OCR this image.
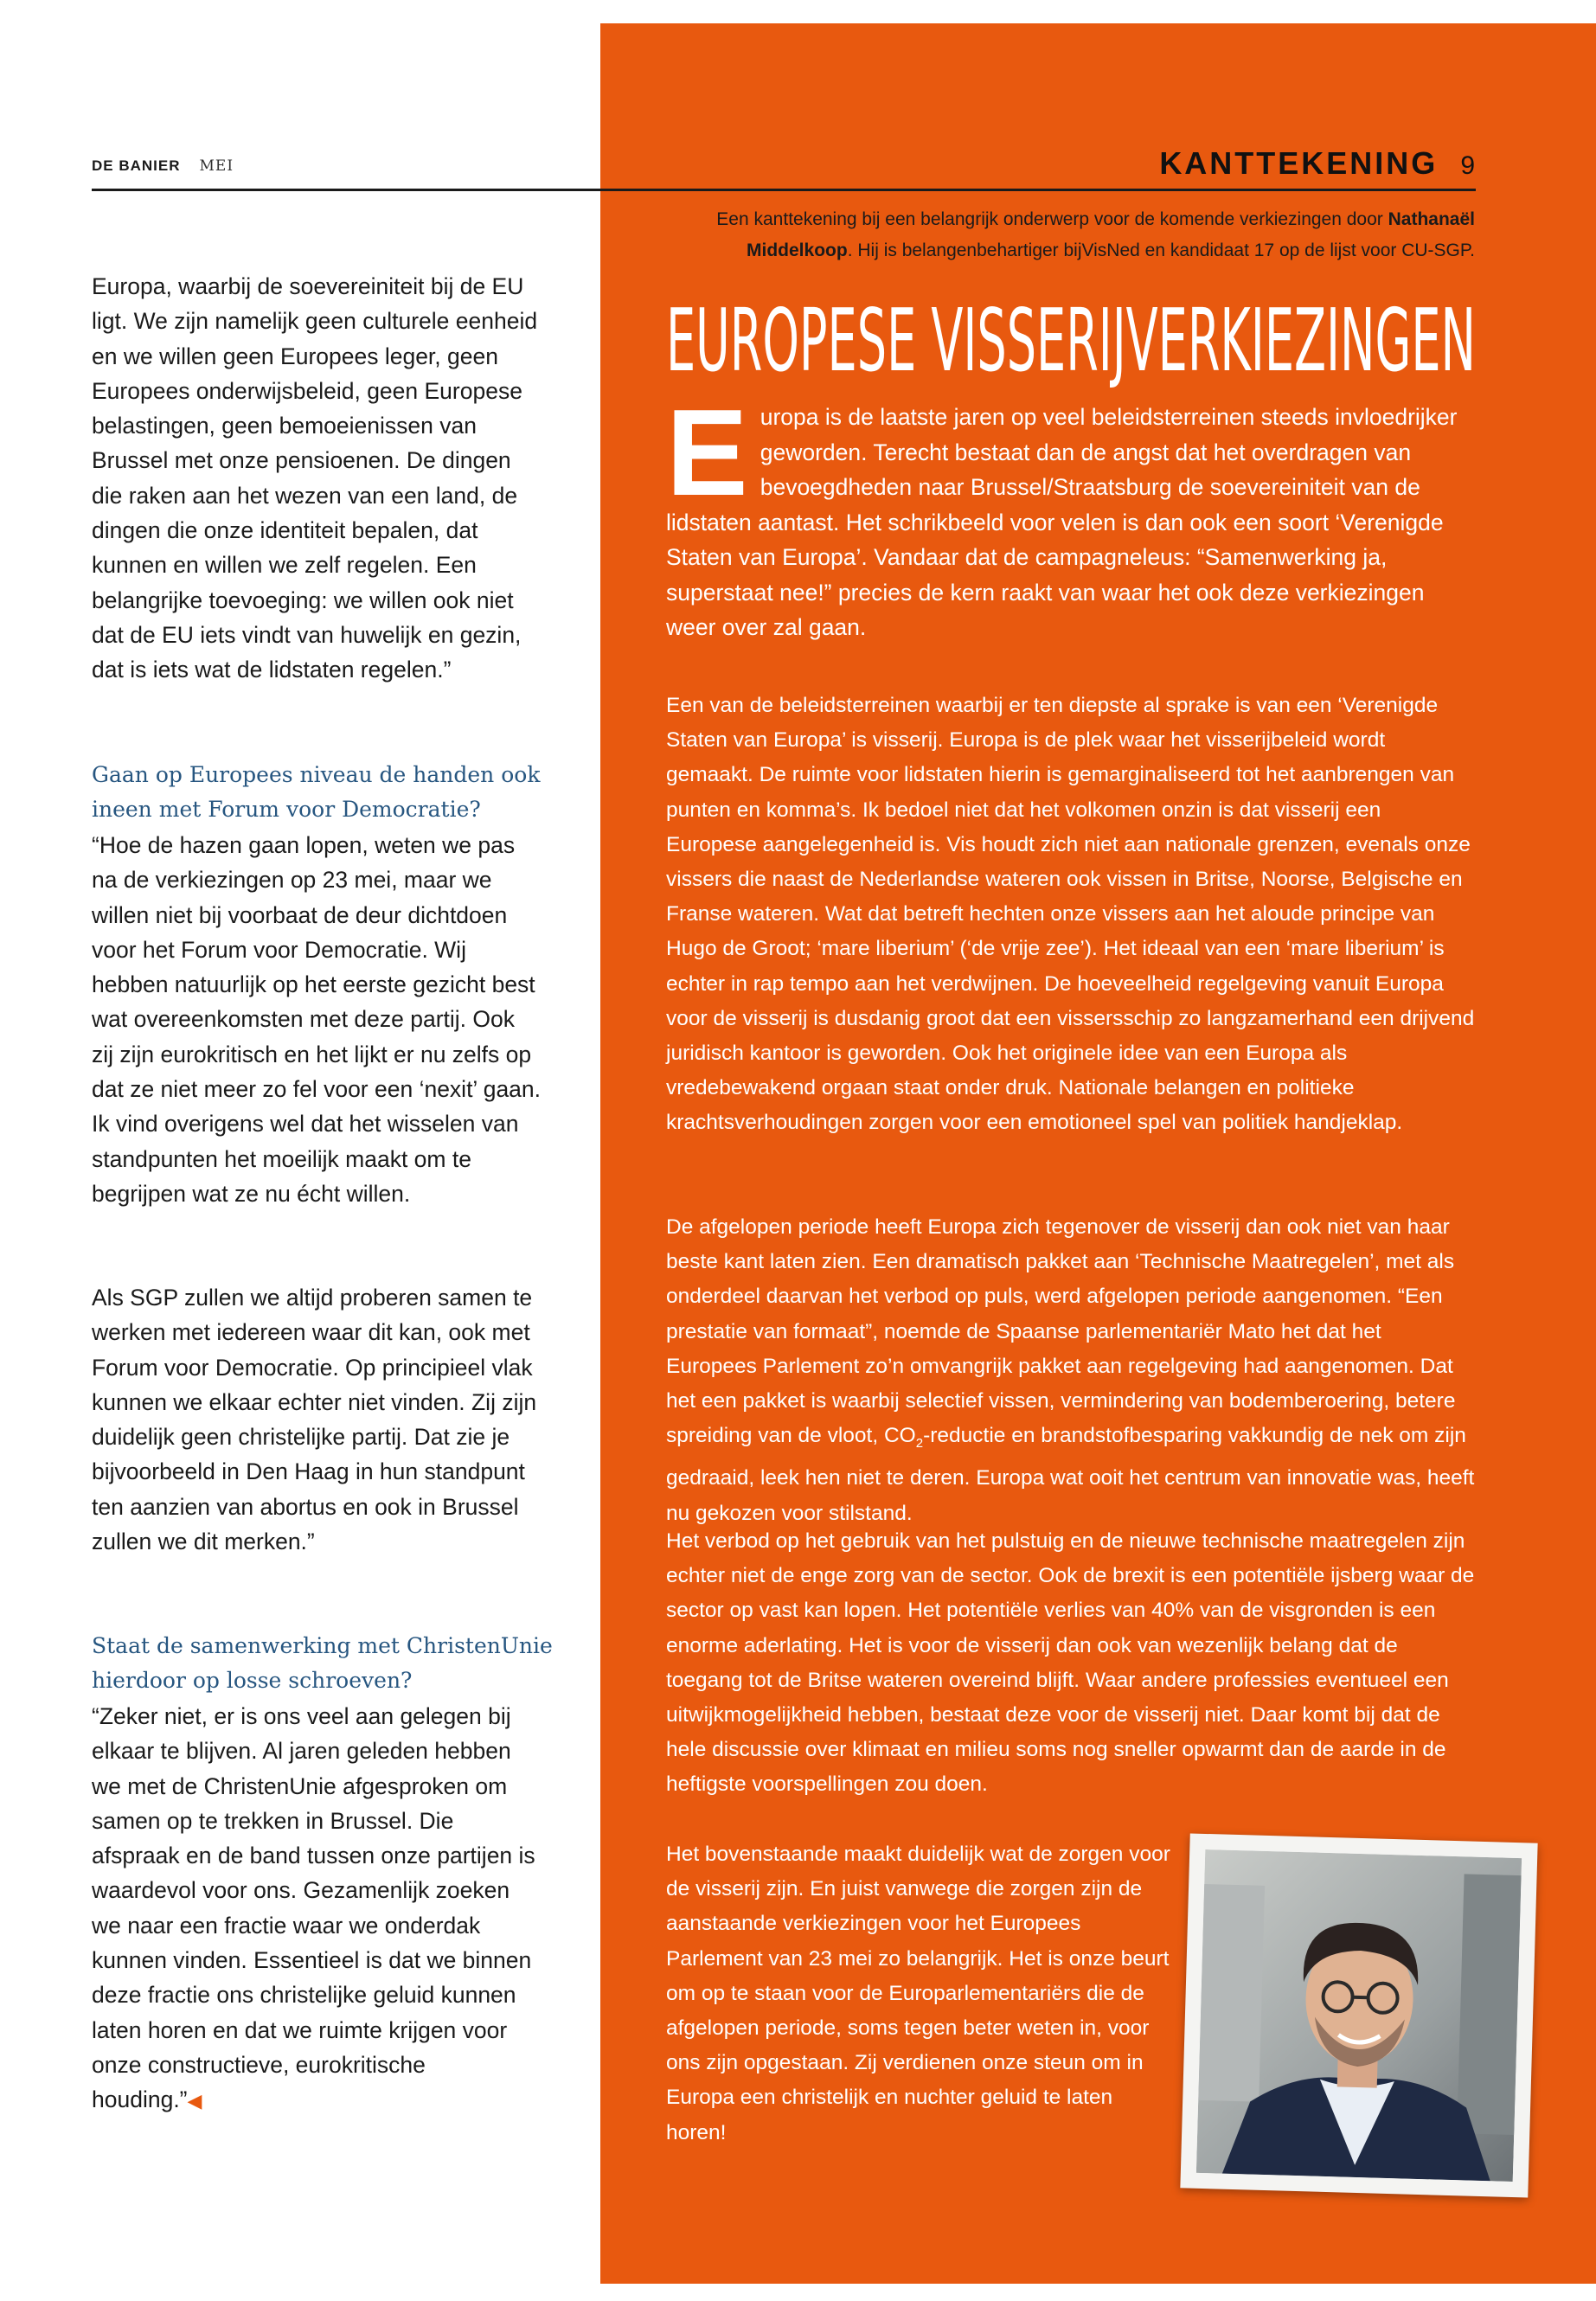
DE BANIER MEI	KANTTEKENING 9
Een kanttekening bij een belangrijk onderwerp voor de komende verkiezingen door Nathanaël
Middelkoop. Hij is belangenbehartiger bijVisNed en kandidaat 17 op de lijst voor CU-SGP.
EUROPESE VISSERIJVERKIEZINGEN

Europa is de laatste jaren op veel beleidsterreinen steeds invloedrijker geworden. Terecht bestaat dan de angst dat het overdragen van bevoegdheden naar Brussel/Straatsburg de soevereiniteit van de lidstaten aantast. Het schrikbeeld voor velen is dan ook een soort ‘Verenigde Staten van Europa’. Vandaar dat de campagneleus: “Samenwerking ja, superstaat nee!” precies de kern raakt van waar het ook deze verkiezingen weer over zal gaan.

Een van de beleidsterreinen waarbij er ten diepste al sprake is van een ‘Verenigde Staten van Europa’ is visserij. Europa is de plek waar het visserijbeleid wordt gemaakt. De ruimte voor lidstaten hierin is gemarginaliseerd tot het aanbrengen van punten en komma’s. Ik bedoel niet dat het volkomen onzin is dat visserij een Europese aangelegenheid is. Vis houdt zich niet aan nationale grenzen, evenals onze vissers die naast de Nederlandse wateren ook vissen in Britse, Noorse, Belgische en Franse wateren. Wat dat betreft hechten onze vissers aan het aloude principe van Hugo de Groot; ‘mare liberium’ (‘de vrije zee’). Het ideaal van een ‘mare liberium’ is echter in rap tempo aan het verdwijnen. De hoeveelheid regelgeving vanuit Europa voor de visserij is dusdanig groot dat een vissersschip zo langzamerhand een drijvend juridisch kantoor is geworden. Ook het originele idee van een Europa als vredebewakend orgaan staat onder druk. Nationale belangen en politieke krachtsverhoudingen zorgen voor een emotioneel spel van politiek handjeklap.

De afgelopen periode heeft Europa zich tegenover de visserij dan ook niet van haar beste kant laten zien. Een dramatisch pakket aan ‘Technische Maatregelen’, met als onderdeel daarvan het verbod op puls, werd afgelopen periode aangenomen. “Een prestatie van formaat”, noemde de Spaanse parlementariër Mato het dat het Europees Parlement zo’n omvangrijk pakket aan regelgeving had aangenomen. Dat het een pakket is waarbij selectief vissen, vermindering van bodemberoering, betere spreiding van de vloot, $CO_2$-reductie en brandstofbesparing vakkundig de nek om zijn gedraaid, leek hen niet te deren. Europa wat ooit het centrum van innovatie was, heeft nu gekozen voor stilstand.

Het verbod op het gebruik van het pulstuig en de nieuwe technische maatregelen zijn echter niet de enge zorg van de sector. Ook de brexit is een potentiële ijsberg waar de sector op vast kan lopen. Het potentiële verlies van 40% van de visgronden is een enorme aderlating. Het is voor de visserij dan ook van wezenlijk belang dat de toegang tot de Britse wateren overeind blijft. Waar andere professies eventueel een uitwijkmogelijkheid hebben, bestaat deze voor de visserij niet. Daar komt bij dat de hele discussie over klimaat en milieu soms nog sneller opwarmt dan de aarde in de heftigste voorspellingen zou doen.

Het bovenstaande maakt duidelijk wat de zorgen voor de visserij zijn. En juist vanwege die zorgen zijn de aanstaande verkiezingen voor het Europees Parlement van 23 mei zo belangrijk. Het is onze beurt om op te staan voor de Europarlementariërs die de afgelopen periode, soms tegen beter weten in, voor ons zijn opgestaan. Zij verdienen onze steun om in Europa een christelijk en nuchter geluid te laten horen!

Europa, waarbij de soevereiniteit bij de EU ligt. We zijn namelijk geen culturele eenheid en we willen geen Europees leger, geen Europees onderwijsbeleid, geen Europese belastingen, geen bemoeienissen van Brussel met onze pensioenen. De dingen die raken aan het wezen van een land, de dingen die onze identiteit bepalen, dat kunnen en willen we zelf regelen. Een belangrijke toevoeging: we willen ook niet dat de EU iets vindt van huwelijk en gezin, dat is iets wat de lidstaten regelen.”

Gaan op Europees niveau de handen ook ineen met Forum voor Democratie?

“Hoe de hazen gaan lopen, weten we pas na de verkiezingen op 23 mei, maar we willen niet bij voorbaat de deur dichtdoen voor het Forum voor Democratie. Wij hebben natuurlijk op het eerste gezicht best wat overeenkomsten met deze partij. Ook zij zijn eurokritisch en het lijkt er nu zelfs op dat ze niet meer zo fel voor een ‘nexit’ gaan. Ik vind overigens wel dat het wisselen van standpunten het moeilijk maakt om te begrijpen wat ze nu écht willen.

Als SGP zullen we altijd proberen samen te werken met iedereen waar dit kan, ook met Forum voor Democratie. Op principieel vlak kunnen we elkaar echter niet vinden. Zij zijn duidelijk geen christelijke partij. Dat zie je bijvoorbeeld in Den Haag in hun standpunt ten aanzien van abortus en ook in Brussel zullen we dit merken.”

Staat de samenwerking met ChristenUnie hierdoor op losse schroeven?

“Zeker niet, er is ons veel aan gelegen bij elkaar te blijven. Al jaren geleden hebben we met de ChristenUnie afgesproken om samen op te trekken in Brussel. Die afspraak en de band tussen onze partijen is waardevol voor ons. Gezamenlijk zoeken we naar een fractie waar we onderdak kunnen vinden. Essentieel is dat we binnen deze fractie ons christelijke geluid kunnen laten horen en dat we ruimte krijgen voor onze constructieve, eurokritische houding.”◀
